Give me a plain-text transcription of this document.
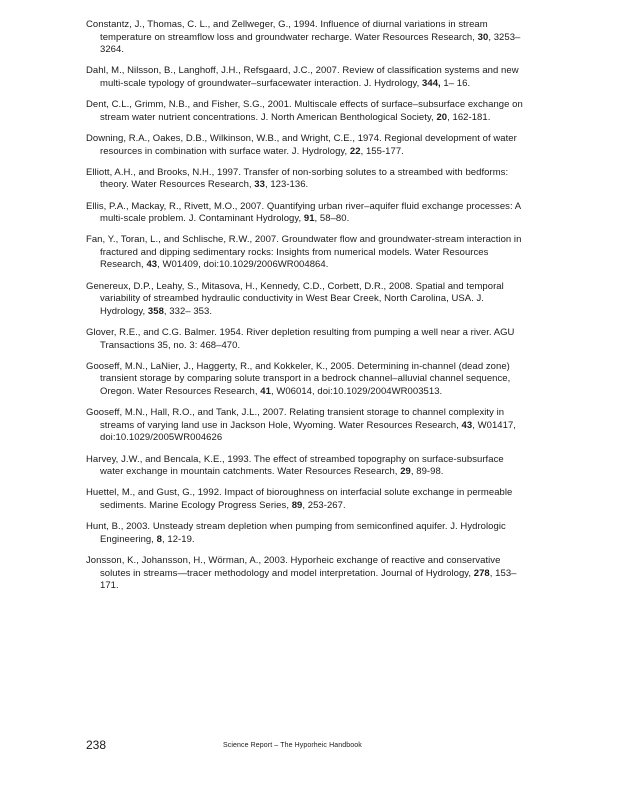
Constantz, J., Thomas, C. L., and Zellweger, G., 1994. Influence of diurnal variations in stream temperature on streamflow loss and groundwater recharge. Water Resources Research, 30, 3253–3264.

Dahl, M., Nilsson, B., Langhoff, J.H., Refsgaard, J.C., 2007. Review of classification systems and new multi-scale typology of groundwater–surfacewater interaction. J. Hydrology, 344, 1– 16.

Dent, C.L., Grimm, N.B., and Fisher, S.G., 2001. Multiscale effects of surface–subsurface exchange on stream water nutrient concentrations. J. North American Benthological Society, 20, 162-181.

Downing, R.A., Oakes, D.B., Wilkinson, W.B., and Wright, C.E., 1974. Regional development of water resources in combination with surface water. J. Hydrology, 22, 155-177.

Elliott, A.H., and Brooks, N.H., 1997. Transfer of non-sorbing solutes to a streambed with bedforms: theory. Water Resources Research, 33, 123-136.

Ellis, P.A., Mackay, R., Rivett, M.O., 2007. Quantifying urban river–aquifer fluid exchange processes: A multi-scale problem. J. Contaminant Hydrology, 91, 58–80.

Fan, Y., Toran, L., and Schlische, R.W., 2007. Groundwater flow and groundwater-stream interaction in fractured and dipping sedimentary rocks: Insights from numerical models. Water Resources Research, 43, W01409, doi:10.1029/2006WR004864.

Genereux, D.P., Leahy, S., Mitasova, H., Kennedy, C.D., Corbett, D.R., 2008. Spatial and temporal variability of streambed hydraulic conductivity in West Bear Creek, North Carolina, USA. J. Hydrology, 358, 332– 353.

Glover, R.E., and C.G. Balmer. 1954. River depletion resulting from pumping a well near a river. AGU Transactions 35, no. 3: 468–470.

Gooseff, M.N., LaNier, J., Haggerty, R., and Kokkeler, K., 2005. Determining in-channel (dead zone) transient storage by comparing solute transport in a bedrock channel–alluvial channel sequence, Oregon. Water Resources Research, 41, W06014, doi:10.1029/2004WR003513.

Gooseff, M.N., Hall, R.O., and Tank, J.L., 2007. Relating transient storage to channel complexity in streams of varying land use in Jackson Hole, Wyoming. Water Resources Research, 43, W01417, doi:10.1029/2005WR004626

Harvey, J.W., and Bencala, K.E., 1993. The effect of streambed topography on surface-subsurface water exchange in mountain catchments. Water Resources Research, 29, 89-98.

Huettel, M., and Gust, G., 1992. Impact of bioroughness on interfacial solute exchange in permeable sediments. Marine Ecology Progress Series, 89, 253-267.

Hunt, B., 2003. Unsteady stream depletion when pumping from semiconfined aquifer. J. Hydrologic Engineering, 8, 12-19.

Jonsson, K., Johansson, H., Wörman, A., 2003. Hyporheic exchange of reactive and conservative solutes in streams—tracer methodology and model interpretation. Journal of Hydrology, 278, 153–171.

238	Science Report – The Hyporheic Handbook
